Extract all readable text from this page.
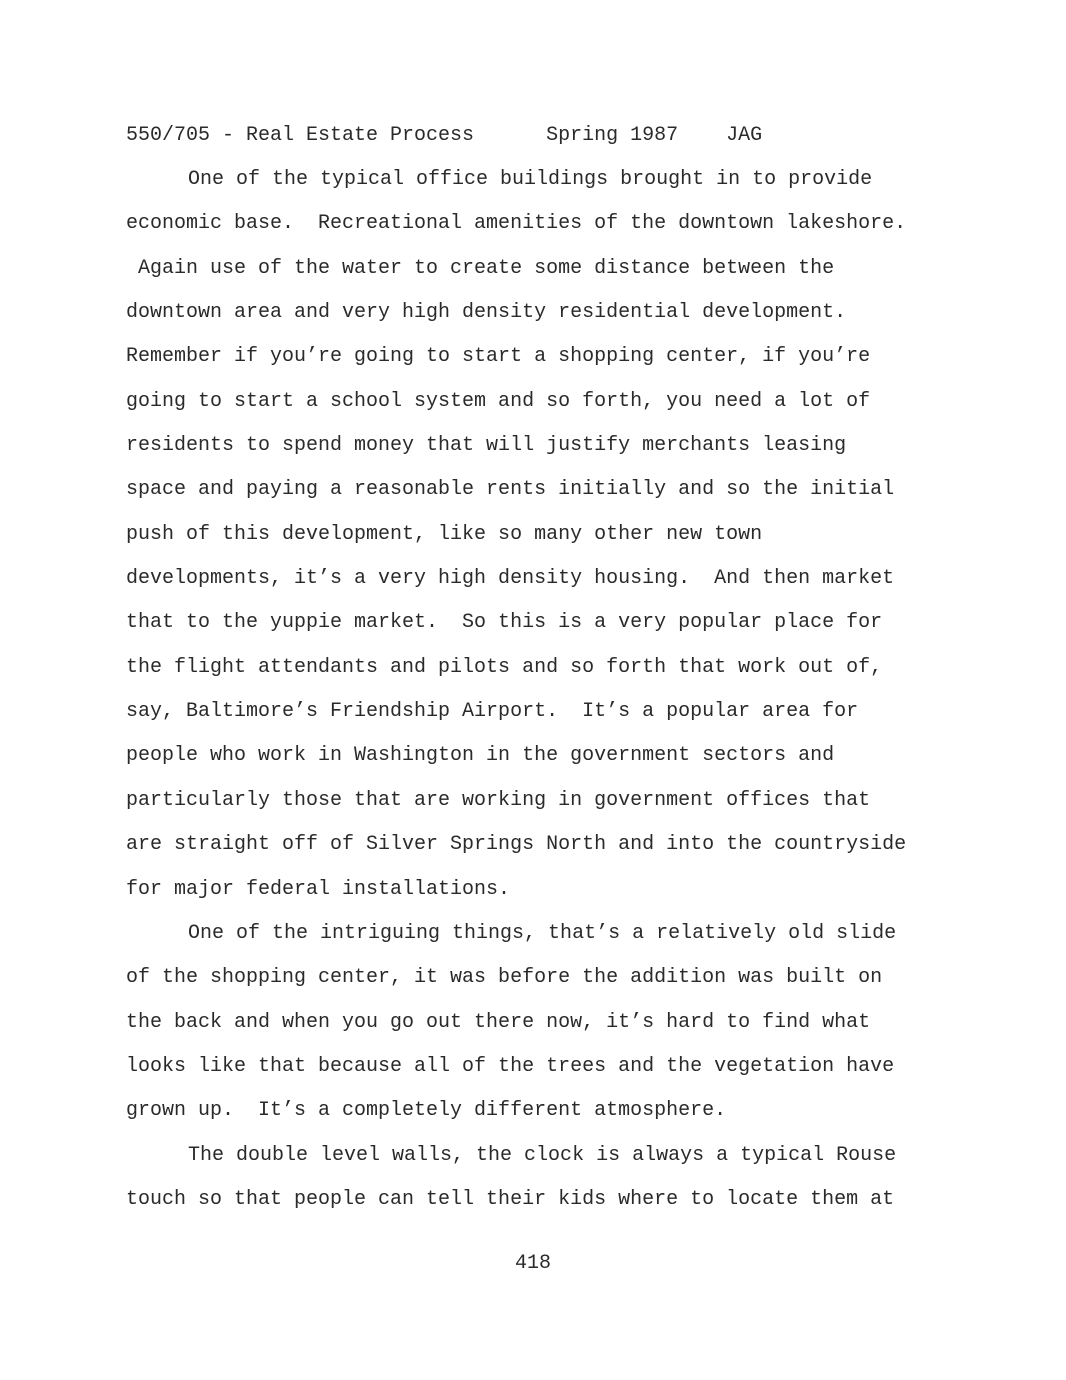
550/705 - Real Estate Process	Spring 1987 JAG
One of the typical office buildings brought in to provide
economic base.  Recreational amenities of the downtown lakeshore.
Again use of the water to create some distance between the
downtown area and very high density residential development.
Remember if you’re going to start a shopping center, if you’re
going to start a school system and so forth, you need a lot of
residents to spend money that will justify merchants leasing
space and paying a reasonable rents initially and so the initial
push of this development, like so many other new town
developments, it’s a very high density housing.  And then market
that to the yuppie market.  So this is a very popular place for
the flight attendants and pilots and so forth that work out of,
say, Baltimore’s Friendship Airport.  It’s a popular area for
people who work in Washington in the government sectors and
particularly those that are working in government offices that
are straight off of Silver Springs North and into the countryside
for major federal installations.
One of the intriguing things, that’s a relatively old slide
of the shopping center, it was before the addition was built on
the back and when you go out there now, it’s hard to find what
looks like that because all of the trees and the vegetation have
grown up.  It’s a completely different atmosphere.
The double level walls, the clock is always a typical Rouse
touch so that people can tell their kids where to locate them at
418
